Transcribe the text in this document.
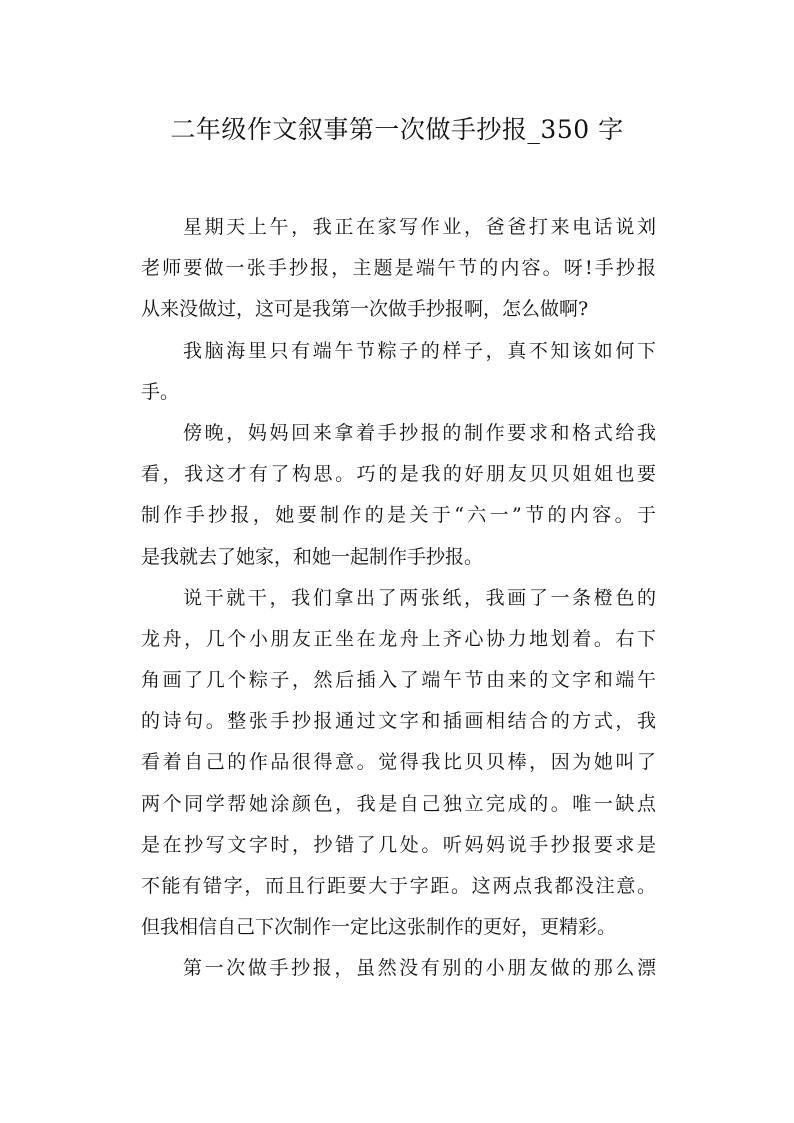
二年级作文叙事第一次做手抄报_350 字
星期天上午，我正在家写作业，爸爸打来电话说刘
老师要做一张手抄报，主题是端午节的内容。呀!手抄报
从来没做过，这可是我第一次做手抄报啊，怎么做啊?
我脑海里只有端午节粽子的样子，真不知该如何下
手。
傍晚，妈妈回来拿着手抄报的制作要求和格式给我
看，我这才有了构思。巧的是我的好朋友贝贝姐姐也要
制作手抄报，她要制作的是关于“六一”节的内容。于
是我就去了她家，和她一起制作手抄报。
说干就干，我们拿出了两张纸，我画了一条橙色的
龙舟，几个小朋友正坐在龙舟上齐心协力地划着。右下
角画了几个粽子，然后插入了端午节由来的文字和端午
的诗句。整张手抄报通过文字和插画相结合的方式，我
看着自己的作品很得意。觉得我比贝贝棒，因为她叫了
两个同学帮她涂颜色，我是自己独立完成的。唯一缺点
是在抄写文字时，抄错了几处。听妈妈说手抄报要求是
不能有错字，而且行距要大于字距。这两点我都没注意。
但我相信自己下次制作一定比这张制作的更好，更精彩。
第一次做手抄报，虽然没有别的小朋友做的那么漂
